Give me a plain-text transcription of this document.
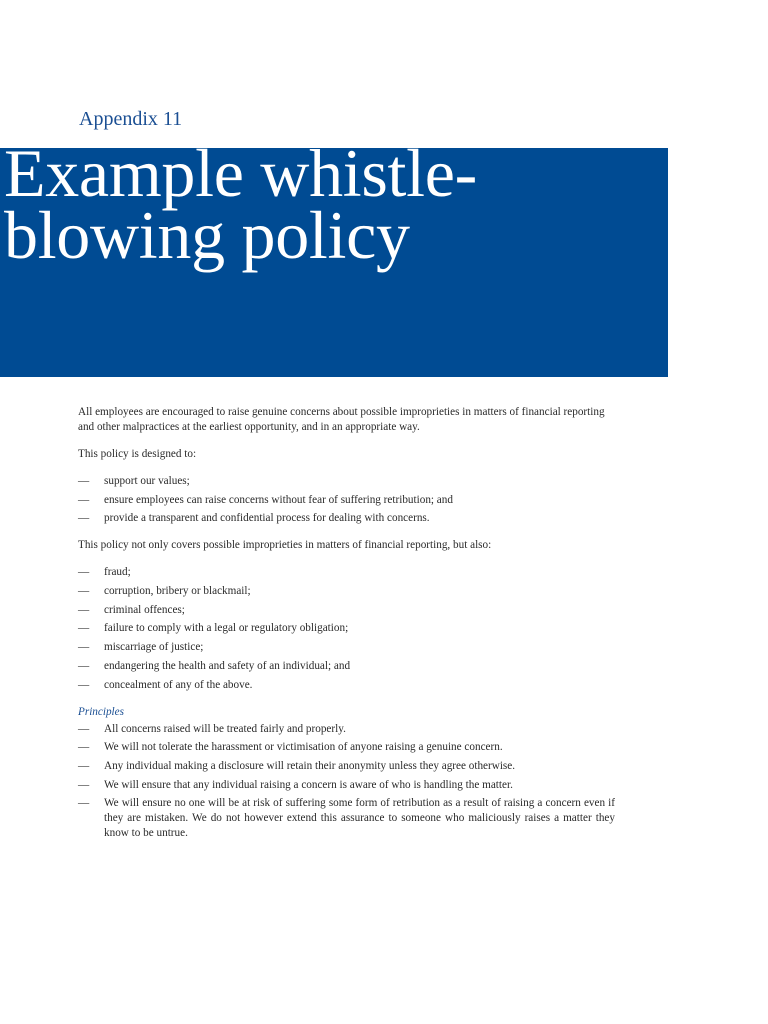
Appendix 11
Example whistle-
blowing policy

All employees are encouraged to raise genuine concerns about possible improprieties in matters of financial reporting and other malpractices at the earliest opportunity, and in an appropriate way.

This policy is designed to:

— support our values;
— ensure employees can raise concerns without fear of suffering retribution; and
— provide a transparent and confidential process for dealing with concerns.

This policy not only covers possible improprieties in matters of financial reporting, but also:

— fraud;
— corruption, bribery or blackmail;
— criminal offences;
— failure to comply with a legal or regulatory obligation;
— miscarriage of justice;
— endangering the health and safety of an individual; and
— concealment of any of the above.
Principles
— All concerns raised will be treated fairly and properly.
— We will not tolerate the harassment or victimisation of anyone raising a genuine concern.
— Any individual making a disclosure will retain their anonymity unless they agree otherwise.
— We will ensure that any individual raising a concern is aware of who is handling the matter.
— We will ensure no one will be at risk of suffering some form of retribution as a result of raising a concern even if they are mistaken. We do not however extend this assurance to someone who maliciously raises a matter they know to be untrue.
